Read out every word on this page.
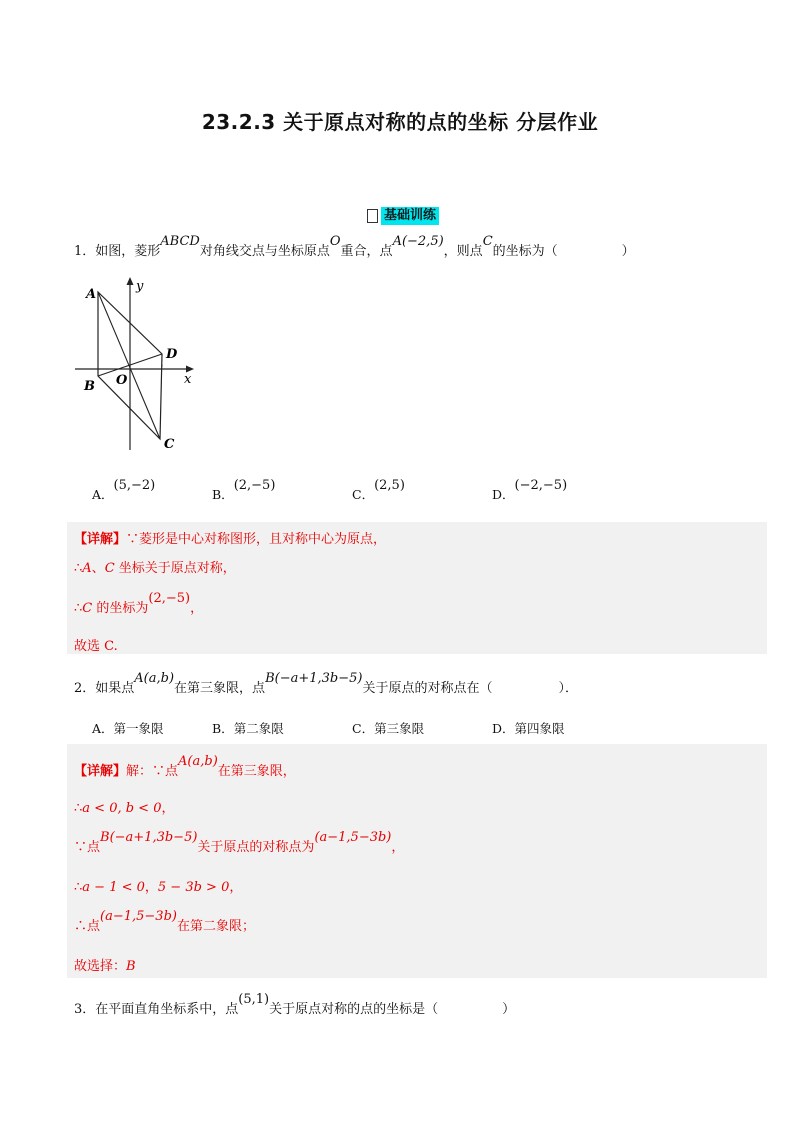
23.2.3 关于原点对称的点的坐标 分层作业
基础训练
1．如图，菱形ABCD对角线交点与坐标原点O重合，点A(−2,5)，则点C的坐标为（	）
A
B
C
D
O	x
y
A．(5,−2)
B．(2,−5)
C．(2,5)
D．(−2,−5)
【详解】∵菱形是中心对称图形，且对称中心为原点，
∴A、C 坐标关于原点对称，
∴C 的坐标为(2,−5)，
故选 C.
2．如果点A(a,b)在第三象限，点B(−a+1,3b−5)关于原点的对称点在（	）．
A．第一象限	B．第二象限	C．第三象限	D．第四象限
【详解】解：∵点A(a,b)在第三象限，
∴a < 0, b < 0，
∵点B(−a+1,3b−5)关于原点的对称点为(a−1,5−3b)，
∴a − 1 < 0，5 − 3b > 0，
∴点(a−1,5−3b)在第二象限；
故选择：B
3．在平面直角坐标系中，点(5,1)关于原点对称的点的坐标是（	）
